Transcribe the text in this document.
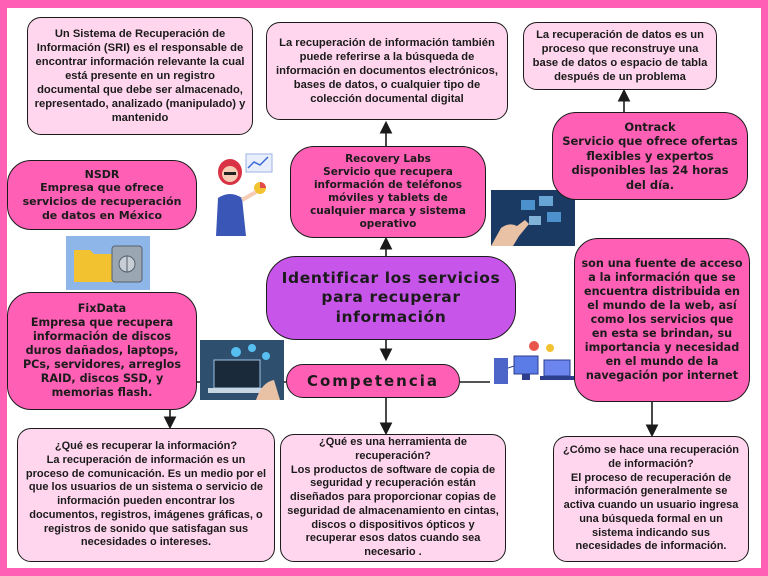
Un Sistema de Recuperación de Información (SRI) es el responsable de encontrar información relevante la cual está presente en un registro documental que debe ser almacenado, representado, analizado (manipulado) y mantenido
La recuperación de información también puede referirse a la búsqueda de información en documentos electrónicos, bases de datos, o cualquier tipo de colección documental digital
La recuperación de datos es un proceso que reconstruye una base de datos o espacio de tabla después de un problema
Ontrack
Servicio que ofrece ofertas flexibles y expertos disponibles las 24 horas del día.
NSDR
Empresa que ofrece servicios de recuperación de datos en México
Recovery Labs
Servicio que recupera información de teléfonos móviles y tablets de cualquier marca y sistema operativo
son una fuente de acceso a la información que se encuentra distribuida en el mundo de la web, así como los servicios que en esta se brindan, su importancia y necesidad en el mundo de la navegación por internet
Identificar los servicios
para recuperar
información
FixData
Empresa que recupera información de discos duros dañados, laptops, PCs, servidores, arreglos RAID, discos SSD, y memorias flash.
Competencia
¿Qué es recuperar la información?
La recuperación de información es un proceso de comunicación. Es un medio por el que los usuarios de un sistema o servicio de información pueden encontrar los documentos, registros, imágenes gráficas, o registros de sonido que satisfagan sus necesidades o intereses.
¿Qué es una herramienta de recuperación?
Los productos de software de copia de seguridad y recuperación están diseñados para proporcionar copias de seguridad de almacenamiento en cintas, discos o dispositivos ópticos y recuperar esos datos cuando sea necesario .
¿Cómo se hace una recuperación de información?
El proceso de recuperación de información generalmente se activa cuando un usuario ingresa una búsqueda formal en un sistema indicando sus necesidades de información.
